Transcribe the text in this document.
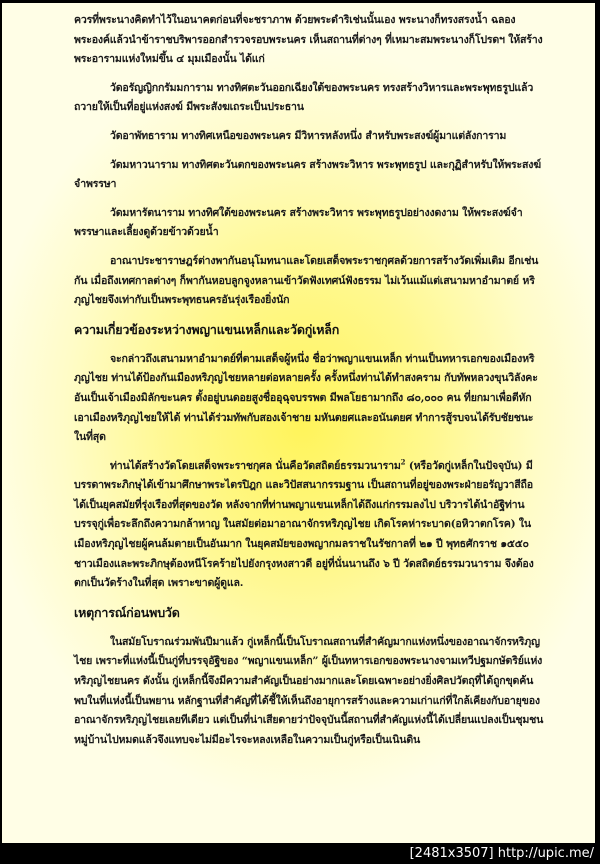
ควรที่พระนางคิดทำไว้ในอนาคตก่อนที่จะชราภาพ ด้วยพระดำริเช่นนั้นเอง พระนางก็ทรงสรงน้ำ ฉลองพระองค์แล้วนำข้าราชบริพารออกสำรวจรอบพระนคร เห็นสถานที่ต่างๆ ที่เหมาะสมพระนางก็โปรดฯ ให้สร้างพระอารามแห่งใหม่ขึ้น ๔ มุมเมืองนั้น ได้แก่

วัดอรัญญิกกรัมมการาม ทางทิศตะวันออกเฉียงใต้ของพระนคร ทรงสร้างวิหารและพระพุทธรูปแล้วถวายให้เป็นที่อยู่แห่งสงฆ์ มีพระสังฆเถระเป็นประธาน

วัดอาพัทธาราม ทางทิศเหนือของพระนคร มีวิหารหลังหนึ่ง สำหรับพระสงฆ์ผู้มาแต่ลังการาม

วัดมหาวนาราม ทางทิศตะวันตกของพระนคร สร้างพระวิหาร พระพุทธรูป และกุฏิสำหรับให้พระสงฆ์จำพรรษา

วัดมหารัตนาราม ทางทิศใต้ของพระนคร สร้างพระวิหาร พระพุทธรูปอย่างงดงาม ให้พระสงฆ์จำพรรษาและเลี้ยงดูด้วยข้าวด้วยน้ำ

อาณาประชาราษฎร์ต่างพากันอนุโมทนาและโดยเสด็จพระราชกุศลด้วยการสร้างวัดเพิ่มเติม อีกเช่นกัน เมื่อถึงเทศกาลต่างๆ ก็พากันหอบลูกจูงหลานเข้าวัดฟังเทศน์ฟังธรรม ไม่เว้นแม้แต่เสนามหาอำมาตย์ หริภุญไชยจึงเท่ากับเป็นพระพุทธนครอันรุ่งเรืองยิ่งนัก

ความเกี่ยวข้องระหว่างพญาแขนเหล็กและวัดกู่เหล็ก

จะกล่าวถึงเสนามหาอำมาตย์ที่ตามเสด็จผู้หนึ่ง ชื่อว่าพญาแขนเหล็ก ท่านเป็นทหารเอกของเมืองหริภุญไชย ท่านได้ป้องกันเมืองหริภุญไชยหลายต่อหลายครั้ง ครั้งหนึ่งท่านได้ทำสงคราม กับทัพหลวงขุนวิลังคะ อันเป็นเจ้าเมืองมิลักขะนคร ตั้งอยู่บนดอยสูงชื่ออุฉุจบรรพต มีพลโยธามากถึง ๘๐,๐๐๐ คน ที่ยกมาเพื่อตีหักเอาเมืองหริภุญไชยให้ได้ ท่านได้ร่วมทัพกับสองเจ้าชาย มหันตยศและอนันตยศ ทำการสู้รบจนได้รับชัยชนะในที่สุด

ท่านได้สร้างวัดโดยเสด็จพระราชกุศล นั่นคือวัดสถิตย์ธรรมวนาราม$^2$ (หรือวัดกู่เหล็กในปัจจุบัน) มีบรรดาพระภิกษุได้เข้ามาศึกษาพระไตรปิฎก และวิปัสสนากรรมฐาน เป็นสถานที่อยู่ของพระฝ่ายอรัญวาสีถือได้เป็นยุคสมัยที่รุ่งเรืองที่สุดของวัด หลังจากที่ท่านพญาแขนเหล็กได้ถึงแก่กรรมลงไป บริวารได้นำอัฐิท่านบรรจุกู่เพื่อระลึกถึงความกล้าหาญ ในสมัยต่อมาอาณาจักรหริภุญไชย เกิดโรคห่าระบาด(อหิวาตกโรค) ในเมืองหริภุญไชยผู้คนล้มตายเป็นอันมาก ในยุคสมัยของพญากมลราชในรัชกาลที่ ๒๑ ปี พุทธศักราช ๑๕๕๐ ชาวเมืองและพระภิกษุต้องหนีโรคร้ายไปยังกรุงหงสาวดี อยู่ที่นั่นนานถึง ๖ ปี วัดสถิตย์ธรรมวนาราม จึงต้องตกเป็นวัดร้างในที่สุด เพราะขาดผู้ดูแล.

เหตุการณ์ก่อนพบวัด

ในสมัยโบราณร่วมพันปีมาแล้ว กู่เหล็กนี้เป็นโบราณสถานที่สำคัญมากแห่งหนึ่งของอาณาจักรหริภุญไชย เพราะที่แห่งนี้เป็นกู่ที่บรรจุอัฐิของ “พญาแขนเหล็ก” ผู้เป็นทหารเอกของพระนางจามเทวีปฐมกษัตริย์แห่งหริภุญไชยนคร ดังนั้น กู่เหล็กนี้จึงมีความสำคัญเป็นอย่างมากและโดยเฉพาะอย่างยิ่งศิลปวัตถุที่ได้ถูกขุดค้นพบในที่แห่งนี้เป็นพยาน หลักฐานที่สำคัญที่ได้ชี้ให้เห็นถึงอายุการสร้างและความเก่าแก่ที่ใกล้เคียงกับอายุของอาณาจักรหริภุญไชยเลยทีเดียว แต่เป็นที่น่าเสียดายว่าปัจจุบันนี้สถานที่สำคัญแห่งนี้ได้เปลี่ยนแปลงเป็นชุมชนหมู่บ้านไปหมดแล้วจึงแทบจะไม่มีอะไรจะหลงเหลือในความเป็นกู่หรือเป็นเนินดิน

[2481x3507] http://upic.me/
